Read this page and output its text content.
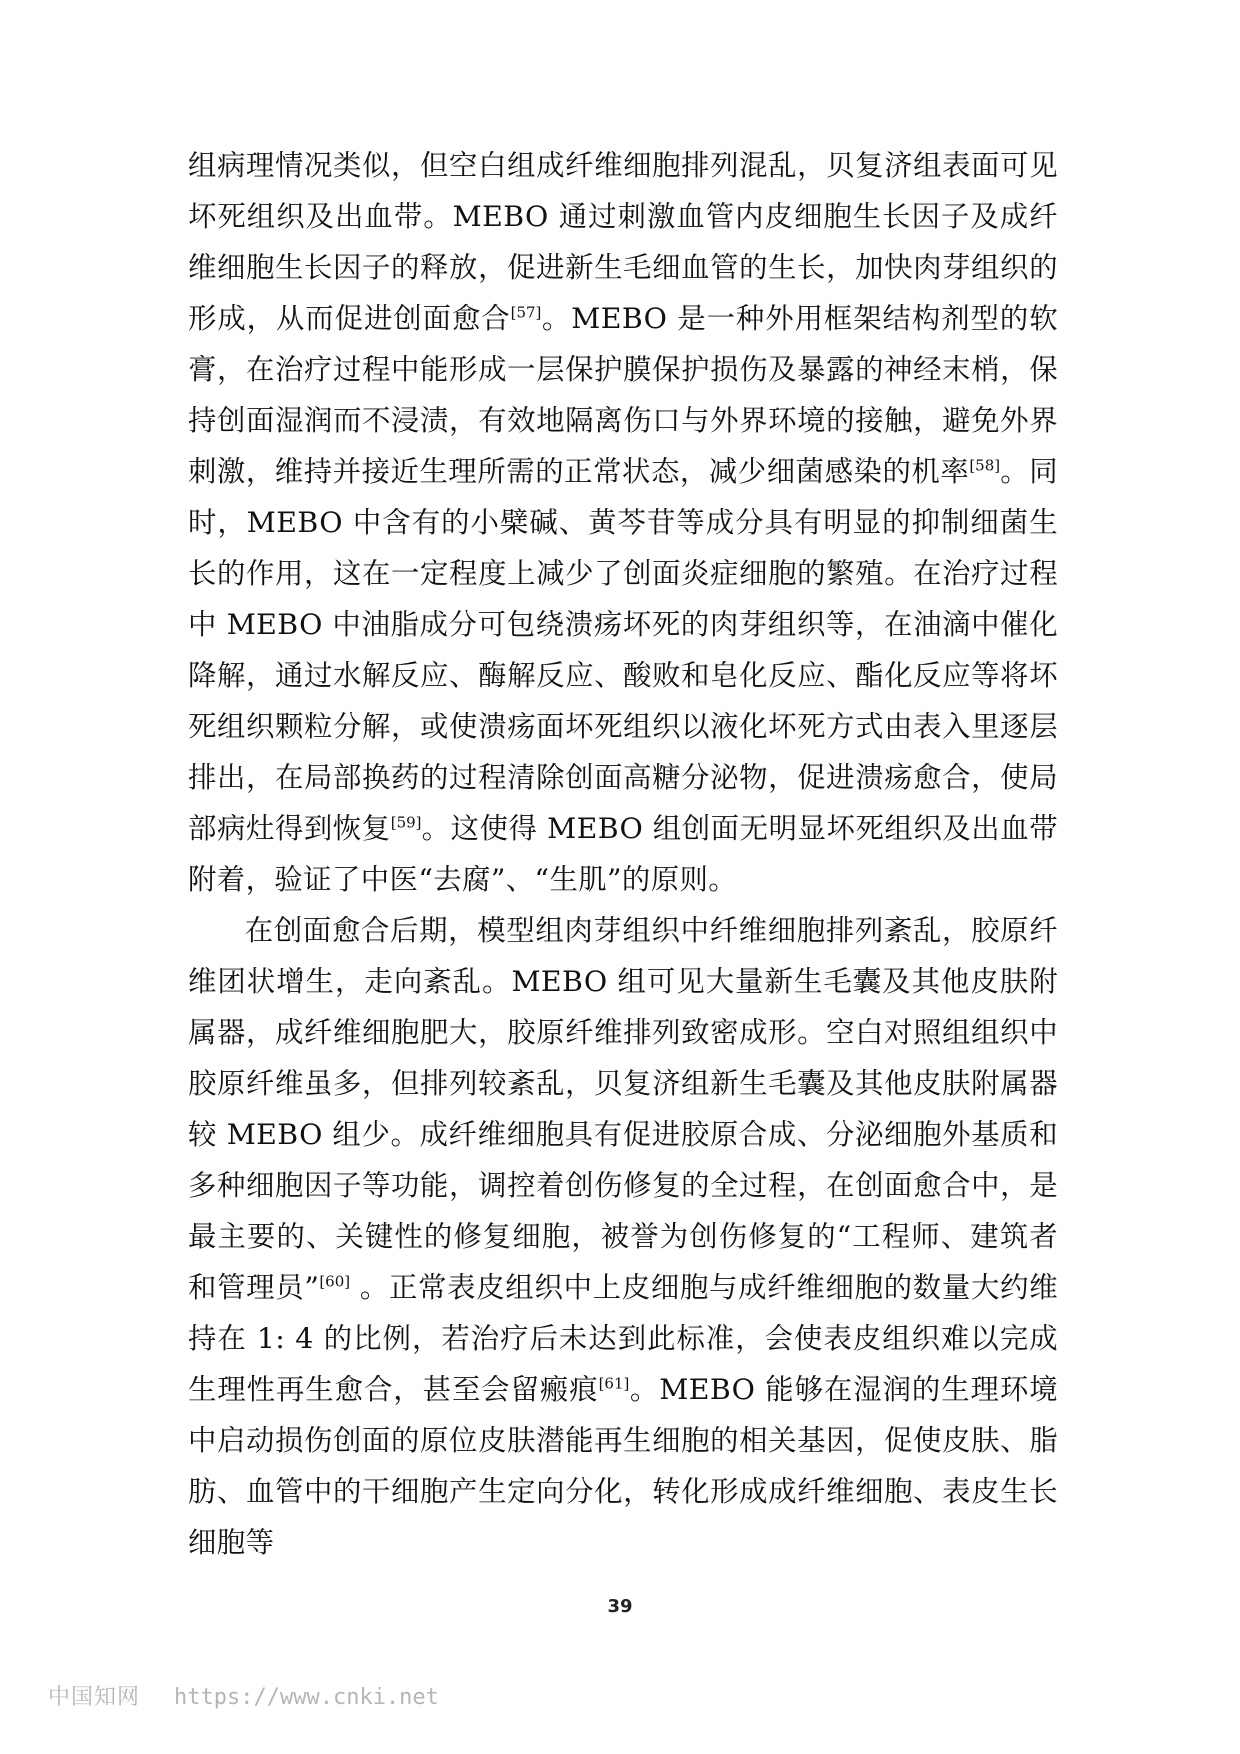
组病理情况类似，但空白组成纤维细胞排列混乱，贝复济组表面可见坏死组织及出血带。MEBO 通过刺激血管内皮细胞生长因子及成纤维细胞生长因子的释放，促进新生毛细血管的生长，加快肉芽组织的形成，从而促进创面愈合[57]。MEBO 是一种外用框架结构剂型的软膏，在治疗过程中能形成一层保护膜保护损伤及暴露的神经末梢，保持创面湿润而不浸渍，有效地隔离伤口与外界环境的接触，避免外界刺激，维持并接近生理所需的正常状态，减少细菌感染的机率[58]。同时，MEBO 中含有的小檗碱、黄芩苷等成分具有明显的抑制细菌生长的作用，这在一定程度上减少了创面炎症细胞的繁殖。在治疗过程中 MEBO 中油脂成分可包绕溃疡坏死的肉芽组织等，在油滴中催化降解，通过水解反应、酶解反应、酸败和皂化反应、酯化反应等将坏死组织颗粒分解，或使溃疡面坏死组织以液化坏死方式由表入里逐层排出，在局部换药的过程清除创面高糖分泌物，促进溃疡愈合，使局部病灶得到恢复[59]。这使得 MEBO 组创面无明显坏死组织及出血带附着，验证了中医“去腐”、“生肌”的原则。

在创面愈合后期，模型组肉芽组织中纤维细胞排列紊乱，胶原纤维团状增生，走向紊乱。MEBO 组可见大量新生毛囊及其他皮肤附属器，成纤维细胞肥大，胶原纤维排列致密成形。空白对照组组织中胶原纤维虽多，但排列较紊乱，贝复济组新生毛囊及其他皮肤附属器较 MEBO 组少。成纤维细胞具有促进胶原合成、分泌细胞外基质和多种细胞因子等功能，调控着创伤修复的全过程，在创面愈合中，是最主要的、关键性的修复细胞，被誉为创伤修复的“工程师、建筑者和管理员”[60] 。正常表皮组织中上皮细胞与成纤维细胞的数量大约维持在 1: 4 的比例，若治疗后未达到此标准，会使表皮组织难以完成生理性再生愈合，甚至会留瘢痕[61]。MEBO 能够在湿润的生理环境中启动损伤创面的原位皮肤潜能再生细胞的相关基因，促使皮肤、脂肪、血管中的干细胞产生定向分化，转化形成成纤维细胞、表皮生长细胞等

39
中国知网 https://www.cnki.net
